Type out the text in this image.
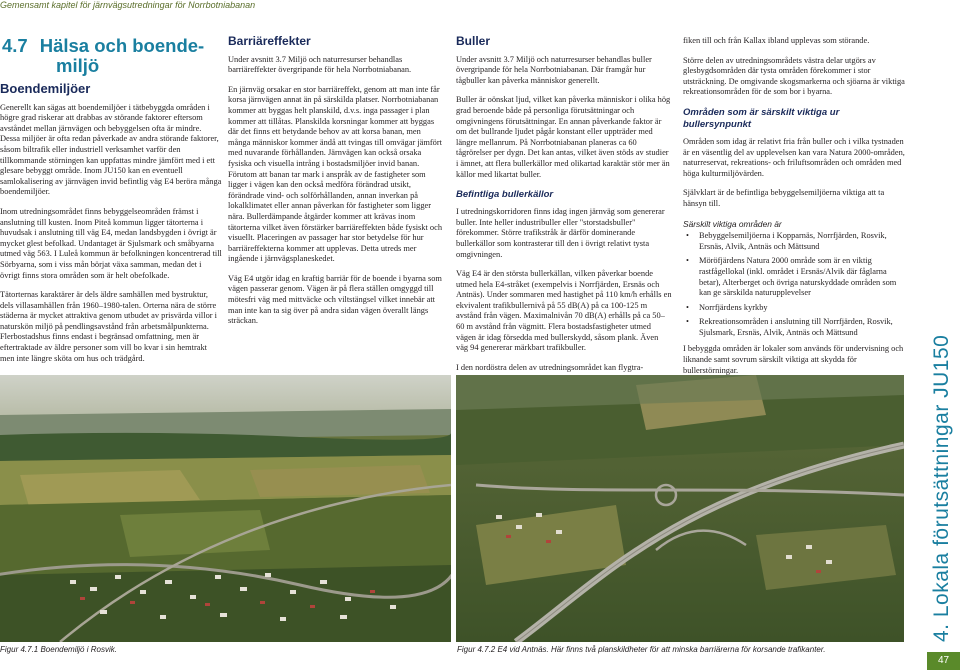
Gemensamt kapitel för järnvägsutredningar för Norrbotniabanan
4.7 Hälsa och boende-
miljö
Boendemiljöer

Generellt kan sägas att boendemiljöer i tätbebyggda områden i högre grad riskerar att drabbas av störande faktorer eftersom avståndet mellan järnvägen och bebyggelsen ofta är mindre. Dessa miljöer är ofta redan påverkade av andra störande faktorer, såsom biltrafik eller industriell verksamhet varför den tillkommande störningen kan uppfattas mindre jämfört med i ett glesare bebyggt område. Inom JU150 kan en eventuell samlokalisering av järnvägen invid befintlig väg E4 beröra många boendemiljöer.

Inom utredningsområdet finns bebyggelseområden främst i anslutning till kusten. Inom Piteå kommun ligger tätorterna i huvudsak i anslutning till väg E4, medan landsbygden i övrigt är mycket glest befolkad. Undantaget är Sjulsmark och småbyarna utmed väg 563. I Luleå kommun är befolkningen koncentrerad till Sörbyarna, som i viss mån börjat växa samman, medan det i övrigt finns stora områden som är helt obefolkade.

Tätorternas karaktärer är dels äldre samhällen med bystruktur, dels villasamhällen från 1960–1980-talen. Orterna nära de större städerna är mycket attraktiva genom utbudet av prisvärda villor i naturskön miljö på pendlingsavstånd från arbetsmålpunkterna. Flerbostadshus finns endast i begränsad omfattning, men är eftertraktade av äldre personer som vill bo kvar i sin hemtrakt men inte längre sköta om hus och trädgård.

Barriäreffekter

Under avsnitt 3.7 Miljö och naturresurser behandlas barriäreffekter övergripande för hela Norrbotniabanan.

En järnväg orsakar en stor barriäreffekt, genom att man inte får korsa järnvägen annat än på särskilda platser. Norrbotniabanan kommer att byggas helt planskild, d.v.s. inga passager i plan kommer att tillåtas. Planskilda korsningar kommer att byggas där det finns ett betydande behov av att korsa banan, men många människor kommer ändå att tvingas till omvägar jämfört med nuvarande förhållanden. Järnvägen kan också orsaka fysiska och visuella intrång i bostadsmiljöer invid banan. Förutom att banan tar mark i anspråk av de fastigheter som ligger i vägen kan den också medföra förändrad utsikt, förändrade vind- och solförhållanden, annan inverkan på lokalklimatet eller annan påverkan för fastigheter som ligger nära. Bullerdämpande åtgärder kommer att krävas inom tätorterna vilket även förstärker barriäreffekten både fysiskt och visuellt. Placeringen av passager har stor betydelse för hur barriäreffekterna kommer att upplevas. Detta utreds mer ingående i järnvägsplaneskedet.

Väg E4 utgör idag en kraftig barriär för de boende i byarna som vägen passerar genom. Vägen är på flera ställen omgyggd till mötesfri väg med mittväcke och viltstängsel vilket innebär att man inte kan ta sig över på andra sidan vägen överallt längs sträckan.

Buller

Under avsnitt 3.7 Miljö och naturresurser behandlas buller övergripande för hela Norrbotniabanan. Där framgår hur tågbuller kan påverka människor generellt.

Buller är oönskat ljud, vilket kan påverka människor i olika hög grad beroende både på personliga förutsättningar och omgivningens förutsättningar. En annan påverkande faktor är om det bullrande ljudet pågår konstant eller uppträder med längre mellanrum. På Norrbotniabanan planeras ca 60 tågrörelser per dygn. Det kan antas, vilket även stöds av studier i ämnet, att flera bullerkällor med olikartad karaktär stör mer än källor med likartat buller.

Befintliga bullerkällor

I utredningskorridoren finns idag ingen järnväg som genererar buller. Inte heller industribuller eller "storstadsbuller" förekommer. Större trafikstråk är därför dominerande bullerkällor som kontrasterar till den i övrigt relativt tysta omgivningen.

Väg E4 är den största bullerkällan, vilken påverkar boende utmed hela E4-stråket (exempelvis i Norrfjärden, Ersnäs och Antnäs). Under sommaren med hastighet på 110 km/h erhålls en ekvivalent trafikbullernivå på 55 dB(A) på ca 100-125 m avstånd från vägen. Maximalnivån 70 dB(A) erhålls på ca 50–60 m avstånd från vägmitt. Flera bostadsfastigheter utmed vägen är idag försedda med bullerskydd, såsom plank. Även väg 94 genererar märkbart trafikbuller.

I den nordöstra delen av utredningsområdet kan flygtra-

fiken till och från Kallax ibland upplevas som störande.

Större delen av utredningsområdets västra delar utgörs av glesbygdsområden där tysta områden förekommer i stor utsträckning. De omgivande skogsmarkerna och sjöarna är viktiga rekreationsområden för de som bor i byarna.

Områden som är särskilt viktiga ur bullersynpunkt

Områden som idag är relativt fria från buller och i vilka tystnaden är en väsentlig del av upplevelsen kan vara Natura 2000-områden, naturreservat, rekreations- och friluftsområden och områden med höga kulturmiljövärden.

Självklart är de befintliga bebyggelsemiljöerna viktiga att ta hänsyn till.

Särskilt viktiga områden är
• Bebyggelsemiljöerna i Kopparnäs, Norrfjärden, Rosvik, Ersnäs, Alvik, Antnäs och Mättsund
• Möröfjärdens Natura 2000 område som är en viktig rastfågellokal (inkl. området i Ersnäs/Alvik där fåglarna betar), Alterberget och övriga naturskyddade områden som kan ge särskilda naturupplevelser
• Norrfjärdens kyrkby
• Rekreationsområden i anslutning till Norrfjärden, Rosvik, Sjulsmark, Ersnäs, Alvik, Antnäs och Mättsund

I bebyggda områden är lokaler som används för undervisning och liknande samt sovrum särskilt viktiga att skydda för bullerstörningar.

Figur 4.7.1 Boendemiljö i Rosvik.	Figur 4.7.2 E4 vid Antnäs. Här finns två planskildheter för att minska barriärerna för korsande trafikanter.
4. Lokala förutsättningar JU150
47
